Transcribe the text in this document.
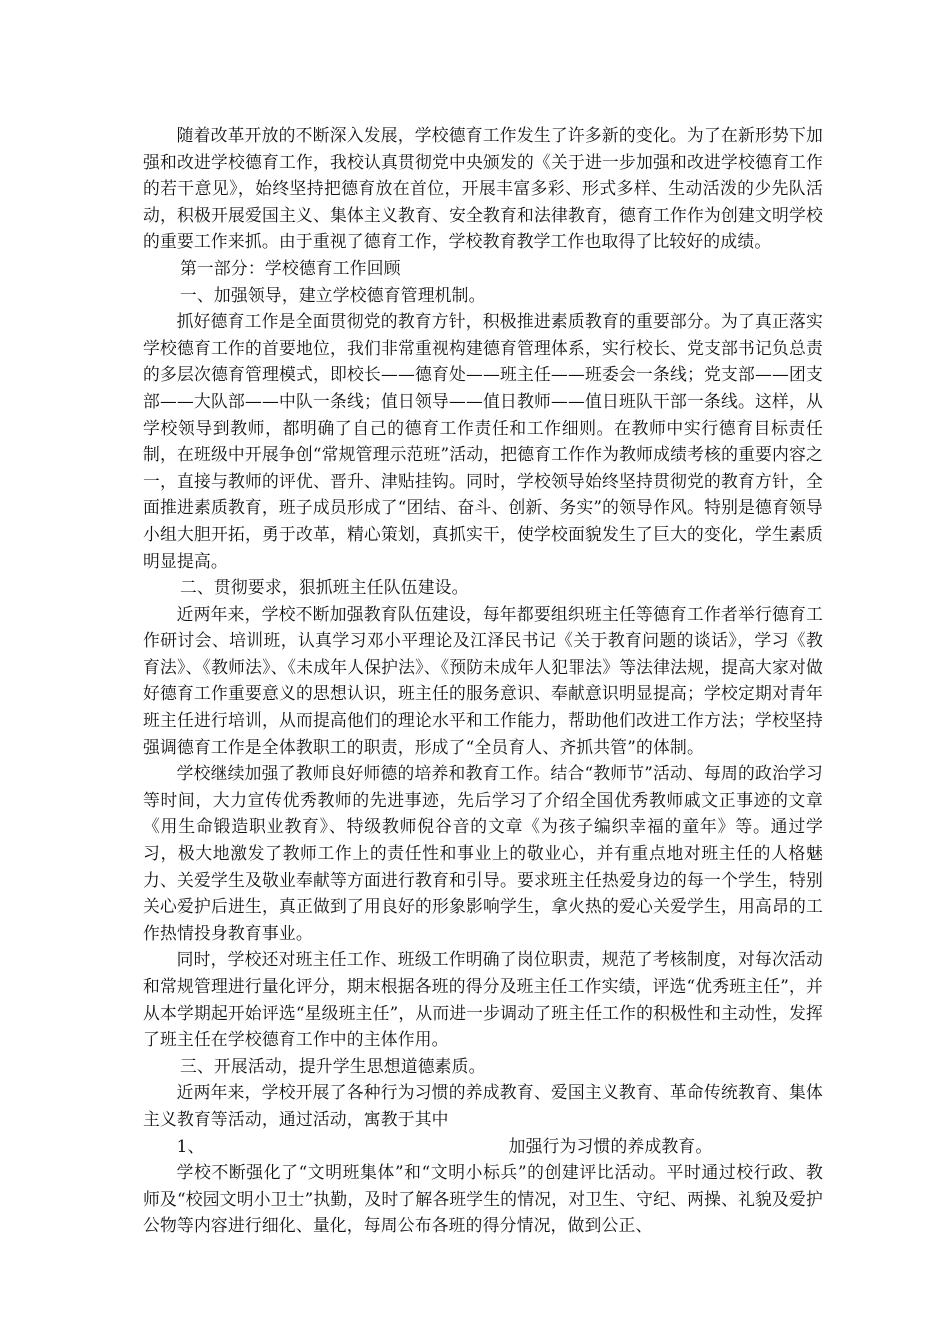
随着改革开放的不断深入发展，学校德育工作发生了许多新的变化。为了在新形势下加强和改进学校德育工作，我校认真贯彻党中央颁发的《关于进一步加强和改进学校德育工作的若干意见》，始终坚持把德育放在首位，开展丰富多彩、形式多样、生动活泼的少先队活动，积极开展爱国主义、集体主义教育、安全教育和法律教育，德育工作作为创建文明学校的重要工作来抓。由于重视了德育工作，学校教育教学工作也取得了比较好的成绩。

第一部分：学校德育工作回顾

一、加强领导，建立学校德育管理机制。

抓好德育工作是全面贯彻党的教育方针，积极推进素质教育的重要部分。为了真正落实学校德育工作的首要地位，我们非常重视构建德育管理体系，实行校长、党支部书记负总责的多层次德育管理模式，即校长——德育处——班主任——班委会一条线；党支部——团支部——大队部——中队一条线；值日领导——值日教师——值日班队干部一条线。这样，从学校领导到教师，都明确了自己的德育工作责任和工作细则。在教师中实行德育目标责任制，在班级中开展争创“常规管理示范班”活动，把德育工作作为教师成绩考核的重要内容之一，直接与教师的评优、晋升、津贴挂钩。同时，学校领导始终坚持贯彻党的教育方针，全面推进素质教育，班子成员形成了“团结、奋斗、创新、务实”的领导作风。特别是德育领导小组大胆开拓，勇于改革，精心策划，真抓实干，使学校面貌发生了巨大的变化，学生素质明显提高。

二、贯彻要求，狠抓班主任队伍建设。

近两年来，学校不断加强教育队伍建设，每年都要组织班主任等德育工作者举行德育工作研讨会、培训班，认真学习邓小平理论及江泽民书记《关于教育问题的谈话》，学习《教育法》、《教师法》、《未成年人保护法》、《预防未成年人犯罪法》等法律法规，提高大家对做好德育工作重要意义的思想认识，班主任的服务意识、奉献意识明显提高；学校定期对青年班主任进行培训，从而提高他们的理论水平和工作能力，帮助他们改进工作方法；学校坚持强调德育工作是全体教职工的职责，形成了“全员育人、齐抓共管”的体制。

学校继续加强了教师良好师德的培养和教育工作。结合“教师节”活动、每周的政治学习等时间，大力宣传优秀教师的先进事迹，先后学习了介绍全国优秀教师戚文正事迹的文章《用生命锻造职业教育》、特级教师倪谷音的文章《为孩子编织幸福的童年》等。通过学习，极大地激发了教师工作上的责任性和事业上的敬业心，并有重点地对班主任的人格魅力、关爱学生及敬业奉献等方面进行教育和引导。要求班主任热爱身边的每一个学生，特别关心爱护后进生，真正做到了用良好的形象影响学生，拿火热的爱心关爱学生，用高昂的工作热情投身教育事业。

同时，学校还对班主任工作、班级工作明确了岗位职责，规范了考核制度，对每次活动和常规管理进行量化评分，期末根据各班的得分及班主任工作实绩，评选“优秀班主任”，并从本学期起开始评选“星级班主任”，从而进一步调动了班主任工作的积极性和主动性，发挥了班主任在学校德育工作中的主体作用。

三、开展活动，提升学生思想道德素质。

近两年来，学校开展了各种行为习惯的养成教育、爱国主义教育、革命传统教育、集体主义教育等活动，通过活动，寓教于其中

1、	加强行为习惯的养成教育。

学校不断强化了“文明班集体”和“文明小标兵”的创建评比活动。平时通过校行政、教师及“校园文明小卫士”执勤，及时了解各班学生的情况，对卫生、守纪、两操、礼貌及爱护公物等内容进行细化、量化，每周公布各班的得分情况，做到公正、
